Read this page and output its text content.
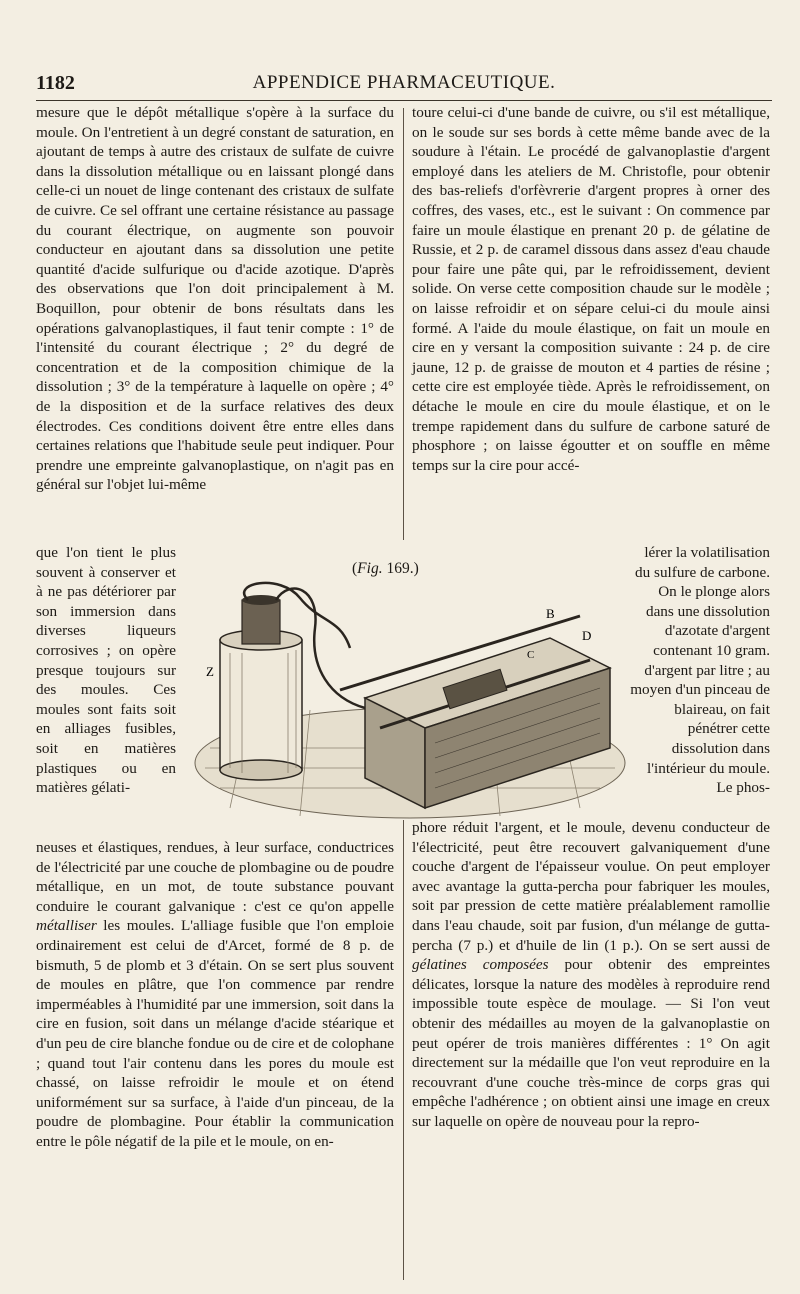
1182	APPENDICE PHARMACEUTIQUE.

mesure que le dépôt métallique s'opère à la surface du moule. On l'entretient à un degré constant de saturation, en ajoutant de temps à autre des cristaux de sulfate de cuivre dans la dissolution métallique ou en laissant plongé dans celle-ci un nouet de linge contenant des cristaux de sulfate de cuivre. Ce sel offrant une certaine résistance au passage du courant électrique, on augmente son pouvoir conducteur en ajoutant dans sa dissolution une petite quantité d'acide sulfurique ou d'acide azotique. D'après des observations que l'on doit principalement à M. Boquillon, pour obtenir de bons résultats dans les opérations galvanoplastiques, il faut tenir compte : 1° de l'intensité du courant électrique ; 2° du degré de concentration et de la composition chimique de la dissolution ; 3° de la température à laquelle on opère ; 4° de la disposition et de la surface relatives des deux électrodes. Ces conditions doivent être entre elles dans certaines relations que l'habitude seule peut indiquer. Pour prendre une empreinte galvanoplastique, on n'agit pas en général sur l'objet lui-même

toure celui-ci d'une bande de cuivre, ou s'il est métallique, on le soude sur ses bords à cette même bande avec de la soudure à l'étain. Le procédé de galvanoplastie d'argent employé dans les ateliers de M. Christofle, pour obtenir des bas-reliefs d'orfèvrerie d'argent propres à orner des coffres, des vases, etc., est le suivant : On commence par faire un moule élastique en prenant 20 p. de gélatine de Russie, et 2 p. de caramel dissous dans assez d'eau chaude pour faire une pâte qui, par le refroidissement, devient solide. On verse cette composition chaude sur le modèle ; on laisse refroidir et on sépare celui-ci du moule ainsi formé. A l'aide du moule élastique, on fait un moule en cire en y versant la composition suivante : 24 p. de cire jaune, 12 p. de graisse de mouton et 4 parties de résine ; cette cire est employée tiède. Après le refroidissement, on détache le moule en cire du moule élastique, et on le trempe rapidement dans du sulfure de carbone saturé de phosphore ; on laisse égoutter et on souffle en même temps sur la cire pour accé-

que l'on tient le plus souvent à conserver et à ne pas détériorer par son immersion dans diverses liqueurs corrosives ; on opère presque toujours sur des moules. Ces moules sont faits soit en alliages fusibles, soit en matières plastiques ou en matières gélati-

lérer la volatilisation du sulfure de carbone. On le plonge alors dans une dissolution d'azotate d'argent contenant 10 gram. d'argent par litre ; au moyen d'un pinceau de blaireau, on fait pénétrer cette dissolution dans l'intérieur du moule. Le phos-

(Fig. 169.)
B
D
C
Z

neuses et élastiques, rendues, à leur surface, conductrices de l'électricité par une couche de plombagine ou de poudre métallique, en un mot, de toute substance pouvant conduire le courant galvanique : c'est ce qu'on appelle métalliser les moules. L'alliage fusible que l'on emploie ordinairement est celui de d'Arcet, formé de 8 p. de bismuth, 5 de plomb et 3 d'étain. On se sert plus souvent de moules en plâtre, que l'on commence par rendre imperméables à l'humidité par une immersion, soit dans la cire en fusion, soit dans un mélange d'acide stéarique et d'un peu de cire blanche fondue ou de cire et de colophane ; quand tout l'air contenu dans les pores du moule est chassé, on laisse refroidir le moule et on étend uniformément sur sa surface, à l'aide d'un pinceau, de la poudre de plombagine. Pour établir la communication entre le pôle négatif de la pile et le moule, on en-

phore réduit l'argent, et le moule, devenu conducteur de l'électricité, peut être recouvert galvaniquement d'une couche d'argent de l'épaisseur voulue. On peut employer avec avantage la gutta-percha pour fabriquer les moules, soit par pression de cette matière préalablement ramollie dans l'eau chaude, soit par fusion, d'un mélange de gutta-percha (7 p.) et d'huile de lin (1 p.). On se sert aussi de gélatines composées pour obtenir des empreintes délicates, lorsque la nature des modèles à reproduire rend impossible toute espèce de moulage. — Si l'on veut obtenir des médailles au moyen de la galvanoplastie on peut opérer de trois manières différentes : 1° On agit directement sur la médaille que l'on veut reproduire en la recouvrant d'une couche très-mince de corps gras qui empêche l'adhérence ; on obtient ainsi une image en creux sur laquelle on opère de nouveau pour la repro-
